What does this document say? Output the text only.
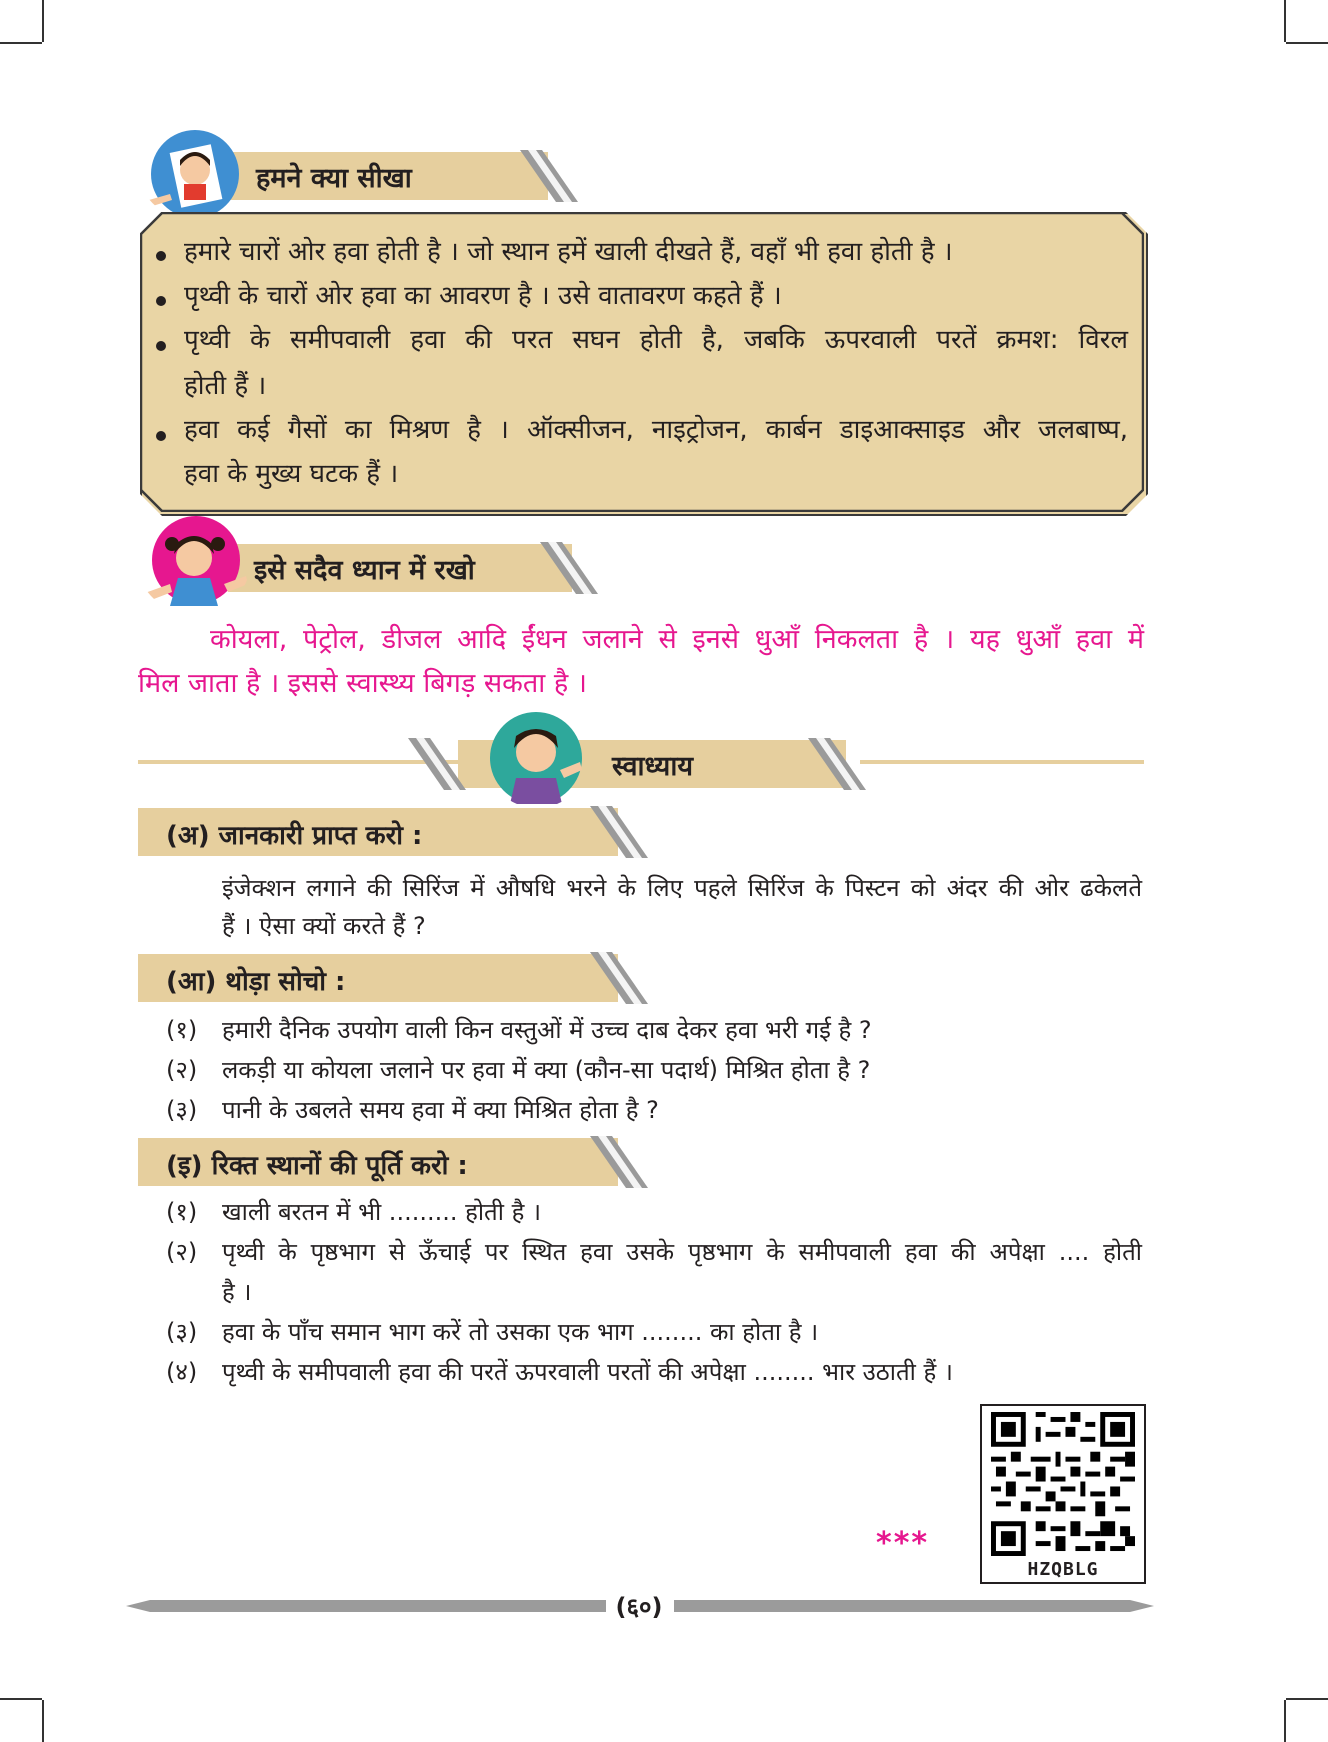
हमने क्या सीखा
हमारे चारों ओर हवा होती है । जो स्थान हमें खाली दीखते हैं, वहाँ भी हवा होती है ।
पृथ्वी के चारों ओर हवा का आवरण है । उसे वातावरण कहते हैं ।
पृथ्वी के समीपवाली हवा की परत सघन होती है, जबकि ऊपरवाली परतें क्रमश: विरल
होती हैं ।
हवा कई गैसों का मिश्रण है । ऑक्सीजन, नाइट्रोजन, कार्बन डाइआक्साइड और जलबाष्प,
हवा के मुख्य घटक हैं ।
इसे सदैव ध्यान में रखो
कोयला, पेट्रोल, डीजल आदि ईंधन जलाने से इनसे धुआँ निकलता है । यह धुआँ हवा में
मिल जाता है । इससे स्वास्थ्य बिगड़ सकता है ।
स्वाध्याय
(अ) जानकारी प्राप्त करो :
इंजेक्शन लगाने की सिरिंज में औषधि भरने के लिए पहले सिरिंज के पिस्टन को अंदर की ओर ढकेलते
हैं । ऐसा क्यों करते हैं ?
(आ) थोड़ा सोचो :
(१) हमारी दैनिक उपयोग वाली किन वस्तुओं में उच्च दाब देकर हवा भरी गई है ?
(२) लकड़ी या कोयला जलाने पर हवा में क्या (कौन-सा पदार्थ) मिश्रित होता है ?
(३) पानी के उबलते समय हवा में क्या मिश्रित होता है ?
(इ) रिक्त स्थानों की पूर्ति करो :
(१) खाली बरतन में भी ......... होती है ।
(२) पृथ्वी के पृष्ठभाग से ऊँचाई पर स्थित हवा उसके पृष्ठभाग के समीपवाली हवा की अपेक्षा .... होती
है ।
(३) हवा के पाँच समान भाग करें तो उसका एक भाग ........ का होता है ।
(४) पृथ्वी के समीपवाली हवा की परतें ऊपरवाली परतों की अपेक्षा ........ भार उठाती हैं ।
***
HZQBLG
(६०)
